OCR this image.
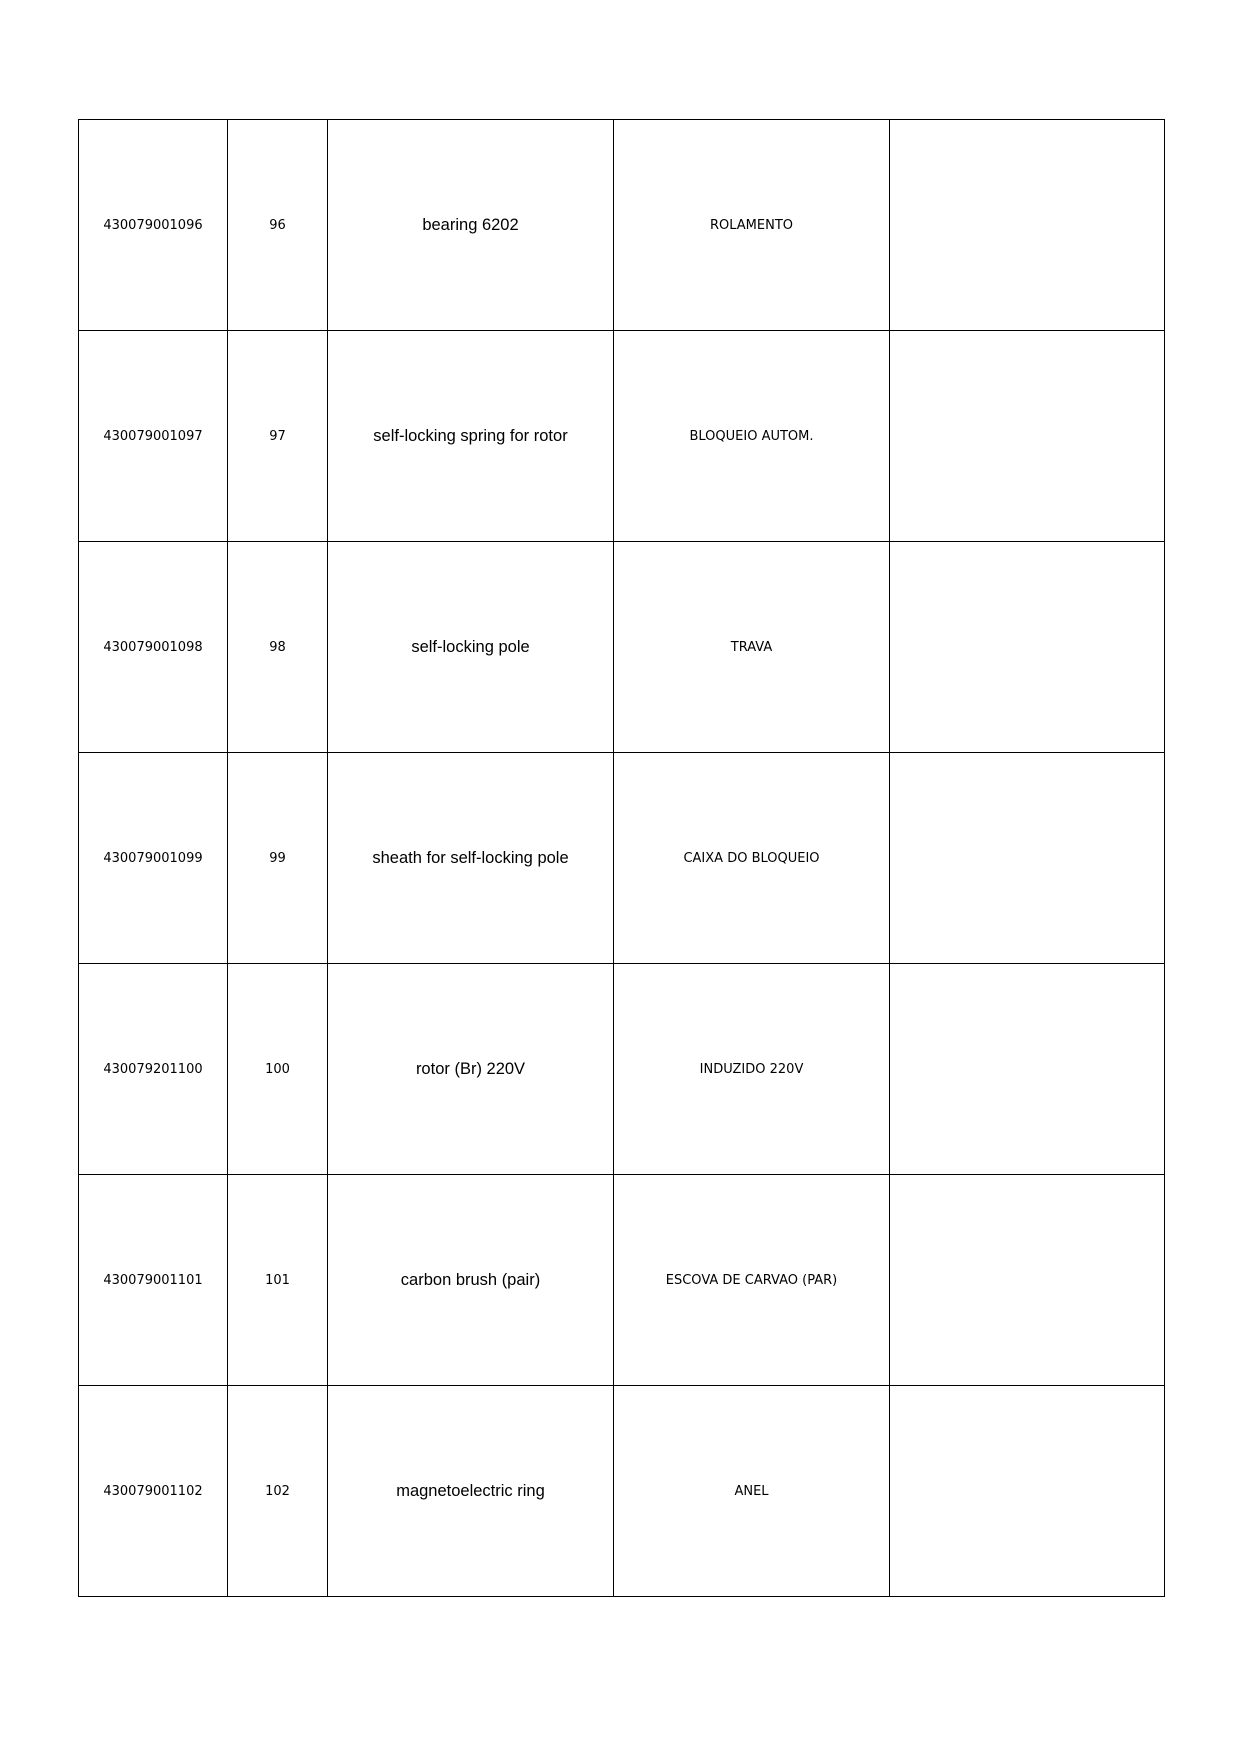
430079001096	96	bearing 6202	ROLAMENTO	
430079001097	97	self-locking spring for rotor	BLOQUEIO AUTOM.	
430079001098	98	self-locking pole	TRAVA	
430079001099	99	sheath for self-locking pole	CAIXA DO BLOQUEIO	
430079201100	100	rotor (Br) 220V	INDUZIDO 220V	
430079001101	101	carbon brush (pair)	ESCOVA DE CARVAO (PAR)	
430079001102	102	magnetoelectric ring	ANEL	
